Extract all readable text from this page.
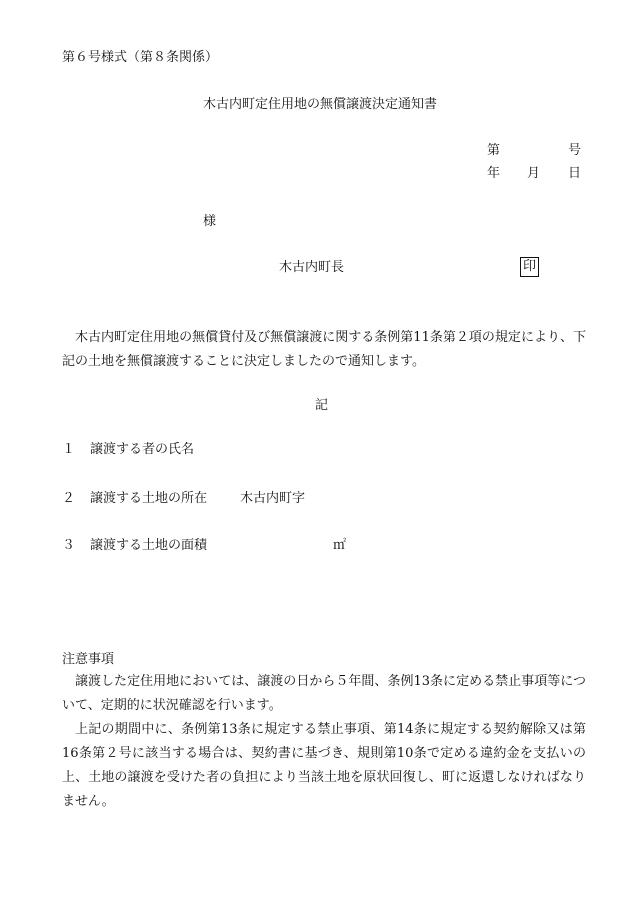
第６号様式（第８条関係）
木古内町定住用地の無償譲渡決定通知書
第	号
年 月 日
様
木古内町長	印
木古内町定住用地の無償貸付及び無償譲渡に関する条例第11条第２項の規定により、下記の土地を無償譲渡することに決定しましたので通知します。
記
１ 譲渡する者の氏名
２ 譲渡する土地の所在	木古内町字
３ 譲渡する土地の面積	㎡
注意事項
譲渡した定住用地においては、譲渡の日から５年間、条例13条に定める禁止事項等について、定期的に状況確認を行います。
上記の期間中に、条例第13条に規定する禁止事項、第14条に規定する契約解除又は第16条第２号に該当する場合は、契約書に基づき、規則第10条で定める違約金を支払いの上、土地の譲渡を受けた者の負担により当該土地を原状回復し、町に返還しなければなりません。
